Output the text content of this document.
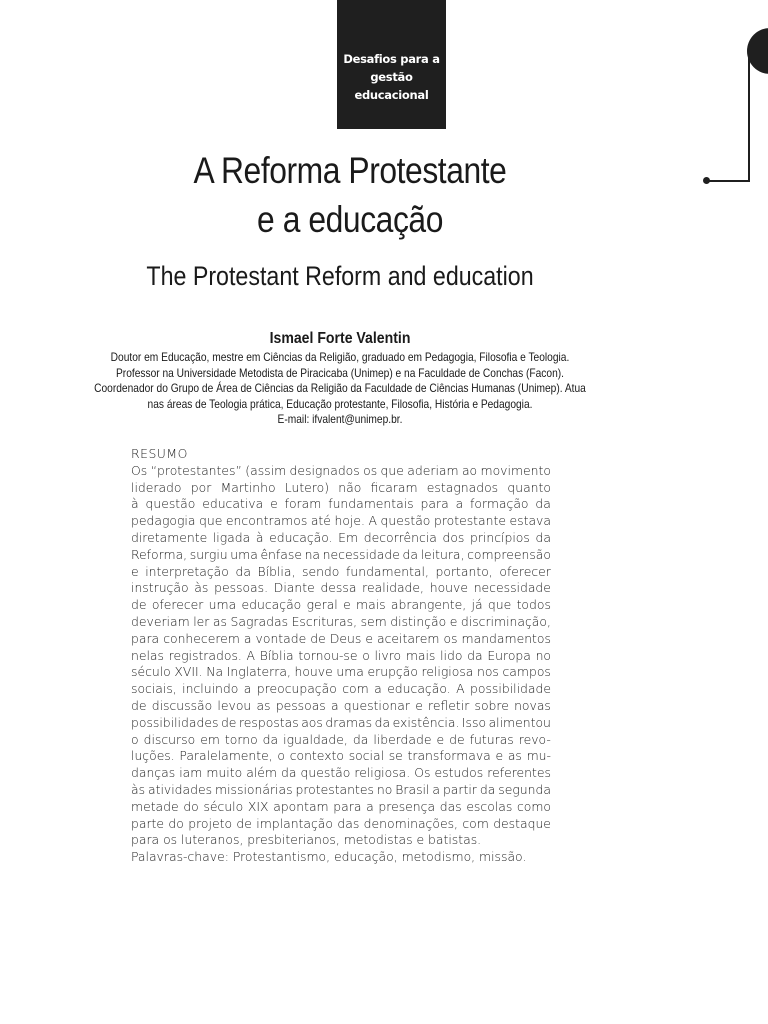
Desafios para a
gestão educacional
A Reforma Protestante
e a educação
The Protestant Reform and education
Ismael Forte Valentin
Doutor em Educação, mestre em Ciências da Religião, graduado em Pedagogia, Filosofia e Teologia.
Professor na Universidade Metodista de Piracicaba (Unimep) e na Faculdade de Conchas (Facon).
Coordenador do Grupo de Área de Ciências da Religião da Faculdade de Ciências Humanas (Unimep). Atua
nas áreas de Teologia prática, Educação protestante, Filosofia, História e Pedagogia.
E-mail: ifvalent@unimep.br.
RESUMO
Os “protestantes” (assim designados os que aderiam ao movimento
liderado por Martinho Lutero) não ficaram estagnados quanto
à questão educativa e foram fundamentais para a formação da
pedagogia que encontramos até hoje. A questão protestante estava
diretamente ligada à educação. Em decorrência dos princípios da
Reforma, surgiu uma ênfase na necessidade da leitura, compreensão
e interpretação da Bíblia, sendo fundamental, portanto, oferecer
instrução às pessoas. Diante dessa realidade, houve necessidade
de oferecer uma educação geral e mais abrangente, já que todos
deveriam ler as Sagradas Escrituras, sem distinção e discriminação,
para conhecerem a vontade de Deus e aceitarem os mandamentos
nelas registrados. A Bíblia tornou-se o livro mais lido da Europa no
século XVII. Na Inglaterra, houve uma erupção religiosa nos campos
sociais, incluindo a preocupação com a educação. A possibilidade
de discussão levou as pessoas a questionar e refletir sobre novas
possibilidades de respostas aos dramas da existência. Isso alimentou
o discurso em torno da igualdade, da liberdade e de futuras revo-
luções. Paralelamente, o contexto social se transformava e as mu-
danças iam muito além da questão religiosa. Os estudos referentes
às atividades missionárias protestantes no Brasil a partir da segunda
metade do século XIX apontam para a presença das escolas como
parte do projeto de implantação das denominações, com destaque
para os luteranos, presbiterianos, metodistas e batistas.
Palavras-chave: Protestantismo, educação, metodismo, missão.
